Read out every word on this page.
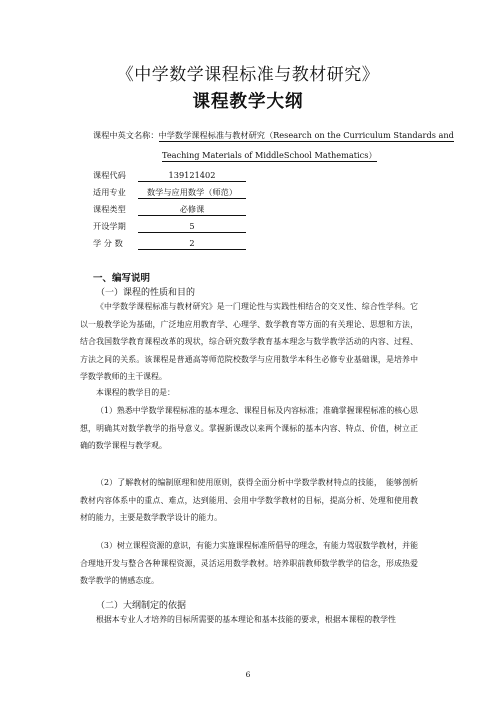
《中学数学课程标准与教材研究》
课程教学大纲
课程中英文名称：中学数学课程标准与教材研究（Research on the Curriculum Standards and
Teaching Materials of MiddleSchool Mathematics）
课程代码	139121402
适用专业	数学与应用数学（师范）
课程类型	必修课
开设学期	5
学 分 数	2
一、编写说明
（一）课程的性质和目的
《中学数学课程标准与教材研究》是一门理论性与实践性相结合的交叉性、综合性学科。它以一般教学论为基础，广泛地应用教育学、心理学、数学教育等方面的有关理论、思想和方法，结合我国数学教育课程改革的现状，综合研究数学教育基本理念与数学教学活动的内容、过程、方法之间的关系。该课程是普通高等师范院校数学与应用数学本科生必修专业基础课，是培养中学数学教师的主干课程。
本课程的教学目的是：
（1）熟悉中学数学课程标准的基本理念、课程目标及内容标准；准确掌握课程标准的核心思想，明确其对数学教学的指导意义。掌握新课改以来两个课标的基本内容、特点、价值，树立正确的数学课程与教学观。
（2）了解教材的编制原理和使用原则，获得全面分析中学数学教材特点的技能，　能够剖析教材内容体系中的重点、难点，达到能用、会用中学数学教材的目标，提高分析、处理和使用教材的能力，主要是数学教学设计的能力。
（3）树立课程资源的意识，有能力实施课程标准所倡导的理念，有能力驾驭数学教材，并能合理地开发与整合各种课程资源，灵活运用数学教材。培养职前教师数学教学的信念，形成热爱数学教学的情感态度。
（二）大纲制定的依据
根据本专业人才培养的目标所需要的基本理论和基本技能的要求，根据本课程的教学性
6
